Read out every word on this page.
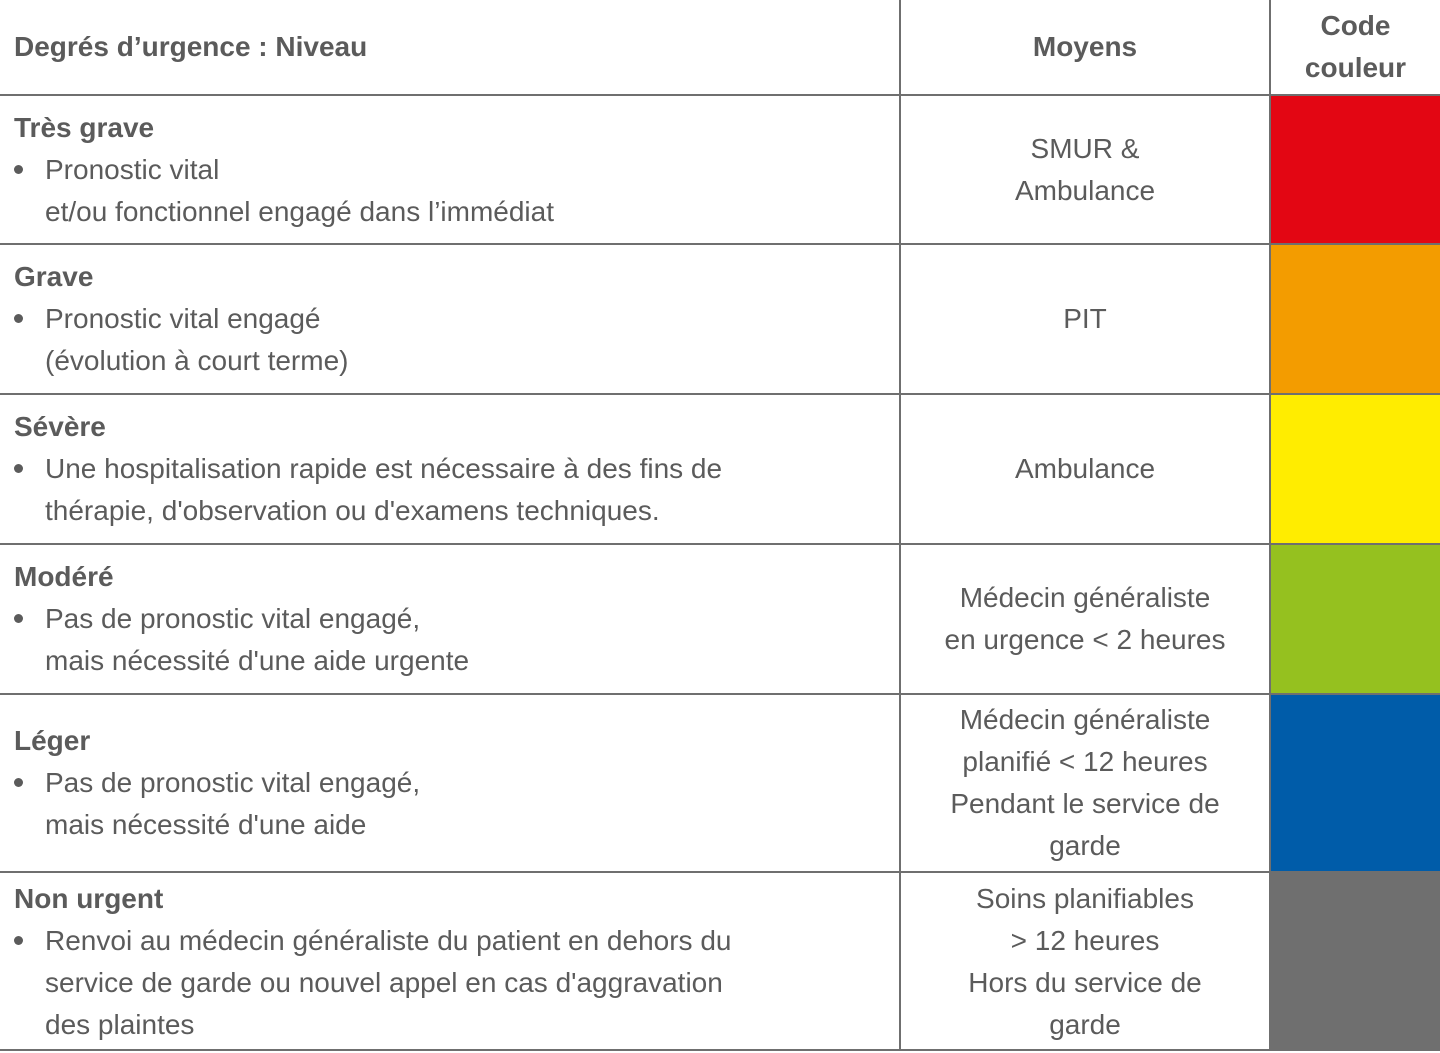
Degrés d’urgence : Niveau	Moyens
Code
couleur
Très grave
Pronostic vital
et/ou fonctionnel engagé dans l’immédiat
SMUR &
Ambulance
Grave
Pronostic vital engagé
(évolution à court terme)
PIT
Sévère
Une hospitalisation rapide est nécessaire à des fins de
thérapie, d'observation ou d'examens techniques.
Ambulance
Modéré
Pas de pronostic vital engagé,
mais nécessité d'une aide urgente
Médecin généraliste
en urgence < 2 heures
Léger
Pas de pronostic vital engagé,
mais nécessité d'une aide
Médecin généraliste
planifié < 12 heures
Pendant le service de
garde
Non urgent
Renvoi au médecin généraliste du patient en dehors du
service de garde ou nouvel appel en cas d'aggravation
des plaintes
Soins planifiables
> 12 heures
Hors du service de
garde
